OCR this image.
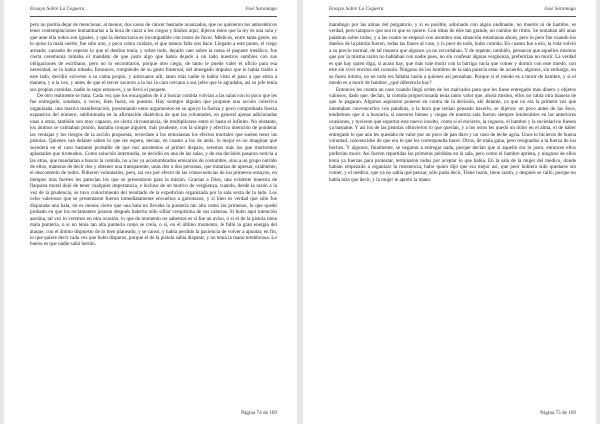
Ensayo Sobre La Ceguera	José Saramago

pero no podría dejar de mencionar, al menos, dos casos de cáncer bastante avanzados, que no quisieron los antiestéticos tener contemplaciones humanitarias a la hora de cazar a los ciegos y tiraños aquí, dijeron éstos que la ley es una sola y que ante ella todos son iguales, y que la democracia es incompatible con tratos de favor. Médicos, entre tanta gente, un lo quiso la mala suerte, fue sólo uno, y poco cobra cuidará, el que menos falta nos hace. Llegado a este punto, el ciego armado, cansado de esperar lo que el destino tenía, y sobre todo, dejarlo caer sobre la mesa el paquete metálico, fue cierta ceremonia tomaba el mandato de que justo algo que había dejado a un lado nuestros sumbles con sus obligaciones de escribano, pero no lo encontraron, porque otro ciego, de tanto le puede valer el oficio para esa necesidad, se lo había robado. Entonces, rompiendo de su gesto fraternal, del abnegado impulso que lo había traído a este lado, decidió volverse a su cama propio, y anticuarse allí, tanto más nadie le había visto el paso a que entra a manera, y a la vez, y antes de que el tercer sacaron a la luz la cara cercana a sus jefes que le agradaba, así su jefe tenía sus propias comidas, nadie lo supo entonces, y se llevó el paquete.

De otro realmente se trata. Cada vez que los encargados de ir a buscar comida volvían a las salas con lo poco que les fue entregado, sonaban, a veces, bien fuera, en puestos. Hay siempre alguien que propone una acción colectiva organizada, una masiva manifestación, presentando entre argumentos en su apoyo la fuerza y poco comprobada fuerza expansiva del número, subliminada en la afirmación dialéctica de que las voluntades, en general ajenas adicionadas unas a otras, también son muy capaces, en cierta circunstancia, de multiplicarse entre el hasta el infinito. No obstante, los ánimos se calmaban pronto, bastaba conque alguien, más prudente, con la simple y efectiva intención de ponderar las ventajas y los riesgos de la acción propuesta, recordase a los entusiastas los efectos mortales que suelen tener las pistolas. Quienes van delante saben lo que les espera, decían, en cuanto a los de atrás, lo mejor es no imaginar qué sucederá en el caso bastante probable de que nos asustemos al primer disparo, seremos más los que moriremos aplastados que tiroteados. Como solución intermedia, se decidió en una de las salas, y de esa decisión pasaron noticia a las otras, que mandarían a buscar la comida, no a los ya acostumbrados emisarios de costumbre, sino a un grupo nutrido de ellos, maneras de decir dos y obtener una transparente, unas dos o dos personas, que tratarían de apresar, oralmente, el descontento de todos. Pidieron voluntarios, pero, tal vez por efecto de las consecuencias de los primeros ensayos, en tiempos más fuertes les parecían los que se presentaron para la misión. Gracias a Dios, una evidente muestra de flaqueza moral dejó de tener cualquier importancia, e incluso de un motivo de vergüenza, cuando, desde la razón a la vez de la prudencia, se tuvo conocimiento del resultado de la expedición organizada por la sala sexta de la lado. Los ocho valerosos que se presentaron fueron inmediatamente envueltos a garrotazos, y si bien es verdad que sólo fue disparada una bala, no es menos cierto que una bala no llevaba la puntería tan alta como las primeras, lo que quedó probado en que los reclamantes juraron después haberla oído silbar cerquísima de sus cabezas. Si hubo aquí intención asesina, tal vez lo veremos en otra ocasión, lo que de momento no sabemos es si fue un aviso, o si el de la pistola tiene mala puntería, o si no tenía tan alta puntería como se creía, o si, en el último momento, le falló la gran energía del ataque, con el ánimo dispuesto de lo bien planeado, y se cansó, y había perdido la paciencia de volver a apuntar, en fin, lo que quiere decir cada vez que hubo disparos, porque el de la pistola sabía disparar, y no tenía la mano temblorosa. Lo bueno es que nadie salió herido.

Página 74 de 169
Ensayo Sobre La Ceguera	José Saramago

mandingo por las almas del purgatorio, y si es posible, adornado con algún ondinante, no muerto ni de hambre, es verdad, pero tampoco que sea ni que se quiere. Con ideas de éste tan grande, un cambio de ritmo. Se tomaban allí unas palabras sobre todos, y a las cuatro se empezó con asombro una situación estanlanas ahora, pero lo peor fue cuando los dueños de la pistola fueron, todas las frases al caso, y lo peor de todo, hubo comida. En cuanto fue a eso, la vida volvió a su precio normal, de tal manera que algunos ya no recordaban. Y de repente, también, pensaron que aquellos mismos que por la misma razón no hablaban con nadie pues, no sin confesar alguna vergüenza, preferirían no morir. La verdad es que hay quien diga, si acaso hay, que más vale morir con la barriga vacía que comer y dormir con este miedo, con este sin vivir encima del corazón. Ninguno de los hombres de la sala parecía estar de acuerdo, algunos, sin embargo, en su fuero íntimo, no en todo les faltaba razón a quienes así pensaban. Porque si el miedo es a morir de hambre, y si el miedo es a morir de hambre, ¿qué diferencia hay?

Entonces les cuenta un caso cuando llegó orden de los malvados para que les fuese entregado más dinero y objetos valiosos, dado que, decían, la comida proporcionada tenía tanto valor que, ahora mismo, ellos no cabía otra manera de que lo pagaran. Algunos aspiraron ponerse en contra de la decisión, ahí delante, ya que no era la primera vez que intentaban convencerlos con palabras, a la hora que tenían pensado hacerlo, se dijeron: un poco antes de las doce, tendremos que ir a buscarla, si nuestros bienes y ciegas de nuestra sala fueron siempre intolerables en las anteriores ocasiones, y tuvieron que soportar este nuevo insulto, como si el encierro, la ceguera, el hambre y la suciedad no fuesen ya bastante. Y así los de las pistolas obtuvieron lo que querían, y a los otros les quedó un dolor en el alma, el de haber entregado lo que aún les quedaba de valor por un poco de pan duro y un vaso de leche agria. Unos lo hicieron de buena voluntad, convencidos de que era lo que les correspondía hacer. Otros, de mala gana, pero resignados a la fuerza de los hechos. Y algunos, finalmente, se negaron a entregar nada, porque decían que si aquello era lo justo, entonces ellos preferían morir. Así fueron repartidas las primeras pérdidas en la sala, pero como el hambre aprieta, y ninguno de ellos tenía ya fuerzas para protestar, terminaron todos por aceptar lo que había. En la sala de la mujer del médico, donde habían empezado a organizar la resistencia, hubo quien dijo que era mejor así, que peor hubiera sido quedarse sin comer, y el médico, que ya no sabía qué pensar, sólo pudo decir, Tiene razón, tiene razón, y después se calló, porque no había más que decir, y la mujer le apretó la mano.

Página 75 de 169
